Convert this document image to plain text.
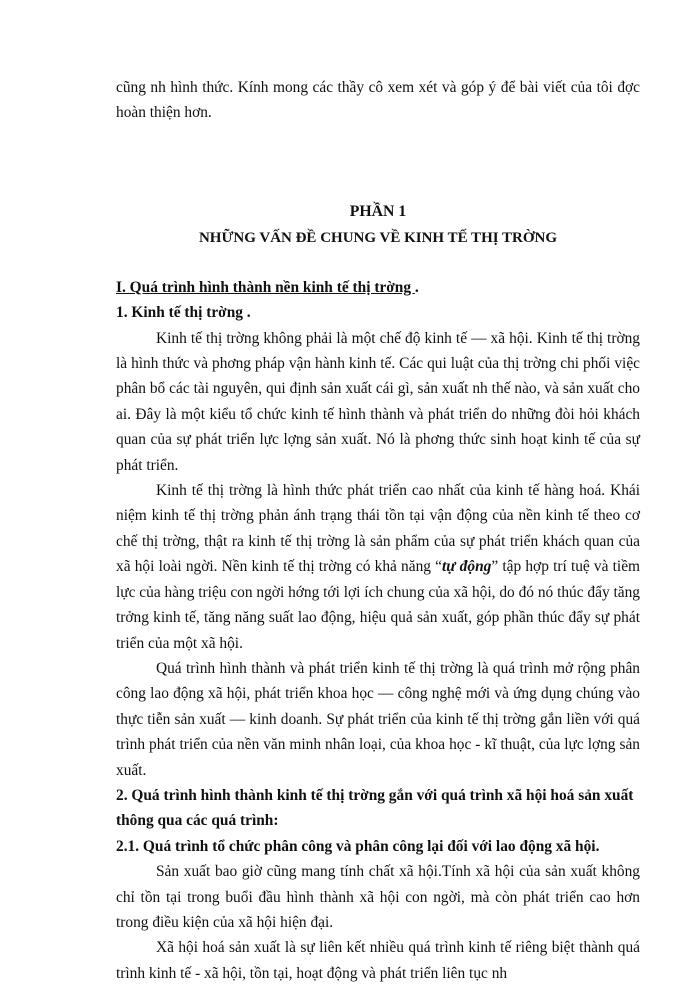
cũng nh hình thức. Kính mong các thầy cô xem xét và góp ý để bài viết của tôi đợc hoàn thiện hơn.

PHẦN 1
NHỮNG VẤN ĐỀ CHUNG VỀ KINH TẾ THỊ TRỜNG

I. Quá trình hình thành nền kinh tế thị trờng .

1. Kinh tế thị trờng .

Kinh tế thị trờng không phải là một chế độ kinh tế — xã hội. Kinh tế thị trờng là hình thức và phơng pháp vận hành kinh tế. Các qui luật của thị trờng chi phối việc phân bổ các tài nguyên, qui định sản xuất cái gì, sản xuất nh thế nào, và sản xuất cho ai. Đây là một kiểu tổ chức kinh tế hình thành và phát triển do những đòi hỏi khách quan của sự phát triển lực lợng sản xuất. Nó là phơng thức sinh hoạt kinh tế của sự phát triển.

Kinh tế thị trờng là hình thức phát triển cao nhất của kinh tế hàng hoá. Khái niệm kinh tế thị trờng phản ánh trạng thái tồn tại vận động của nền kinh tế theo cơ chế thị trờng, thật ra kinh tế thị trờng là sản phẩm của sự phát triển khách quan của xã hội loài ngời. Nền kinh tế thị trờng có khả năng “tự động” tập hợp trí tuệ và tiềm lực của hàng triệu con ngời hớng tới lợi ích chung của xã hội, do đó nó thúc đẩy tăng trởng kinh tế, tăng năng suất lao động, hiệu quả sản xuất, góp phần thúc đẩy sự phát triển của một xã hội.

Quá trình hình thành và phát triển kinh tế thị trờng là quá trình mở rộng phân công lao động xã hội, phát triển khoa học — công nghệ mới và ứng dụng chúng vào thực tiễn sản xuất — kinh doanh. Sự phát triển của kinh tế thị trờng gắn liền với quá trình phát triển của nền văn minh nhân loại, của khoa học - kĩ thuật, của lực lợng sản xuất.

2. Quá trình hình thành kinh tế thị trờng gắn với quá trình xã hội hoá sản xuất thông qua các quá trình:

2.1. Quá trình tổ chức phân công và phân công lại đối với lao động xã hội.

Sản xuất bao giờ cũng mang tính chất xã hội.Tính xã hội của sản xuất không chỉ tồn tại trong buổi đầu hình thành xã hội con ngời, mà còn phát triển cao hơn trong điều kiện của xã hội hiện đại.

Xã hội hoá sản xuất là sự liên kết nhiều quá trình kinh tế riêng biệt thành quá trình kinh tế - xã hội, tồn tại, hoạt động và phát triển liên tục nh
